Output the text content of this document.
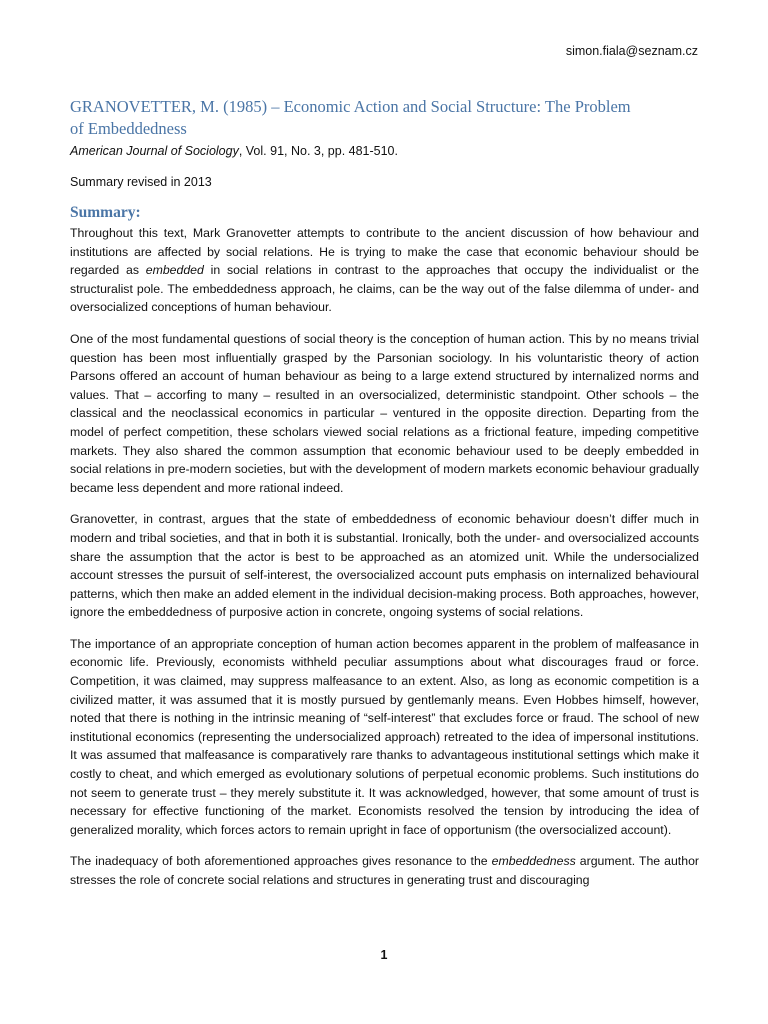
simon.fiala@seznam.cz
GRANOVETTER, M. (1985) – Economic Action and Social Structure: The Problem
of Embeddedness
American Journal of Sociology, Vol. 91, No. 3, pp. 481-510.
Summary revised in 2013
Summary:

Throughout this text, Mark Granovetter attempts to contribute to the ancient discussion of how behaviour and institutions are affected by social relations. He is trying to make the case that economic behaviour should be regarded as embedded in social relations in contrast to the approaches that occupy the individualist or the structuralist pole. The embeddedness approach, he claims, can be the way out of the false dilemma of under- and oversocialized conceptions of human behaviour.

One of the most fundamental questions of social theory is the conception of human action. This by no means trivial question has been most influentially grasped by the Parsonian sociology. In his voluntaristic theory of action Parsons offered an account of human behaviour as being to a large extend structured by internalized norms and values. That – accorfing to many – resulted in an oversocialized, deterministic standpoint. Other schools – the classical and the neoclassical economics in particular – ventured in the opposite direction. Departing from the model of perfect competition, these scholars viewed social relations as a frictional feature, impeding competitive markets. They also shared the common assumption that economic behaviour used to be deeply embedded in social relations in pre-modern societies, but with the development of modern markets economic behaviour gradually became less dependent and more rational indeed.

Granovetter, in contrast, argues that the state of embeddedness of economic behaviour doesn’t differ much in modern and tribal societies, and that in both it is substantial. Ironically, both the under- and oversocialized accounts share the assumption that the actor is best to be approached as an atomized unit. While the undersocialized account stresses the pursuit of self-interest, the oversocialized account puts emphasis on internalized behavioural patterns, which then make an added element in the individual decision-making process. Both approaches, however, ignore the embeddedness of purposive action in concrete, ongoing systems of social relations.

The importance of an appropriate conception of human action becomes apparent in the problem of malfeasance in economic life. Previously, economists withheld peculiar assumptions about what discourages fraud or force. Competition, it was claimed, may suppress malfeasance to an extent. Also, as long as economic competition is a civilized matter, it was assumed that it is mostly pursued by gentlemanly means. Even Hobbes himself, however, noted that there is nothing in the intrinsic meaning of “self-interest” that excludes force or fraud. The school of new institutional economics (representing the undersocialized approach) retreated to the idea of impersonal institutions. It was assumed that malfeasance is comparatively rare thanks to advantageous institutional settings which make it costly to cheat, and which emerged as evolutionary solutions of perpetual economic problems. Such institutions do not seem to generate trust – they merely substitute it. It was acknowledged, however, that some amount of trust is necessary for effective functioning of the market. Economists resolved the tension by introducing the idea of generalized morality, which forces actors to remain upright in face of opportunism (the oversocialized account).

The inadequacy of both aforementioned approaches gives resonance to the embeddedness argument. The author stresses the role of concrete social relations and structures in generating trust and discouraging

1
